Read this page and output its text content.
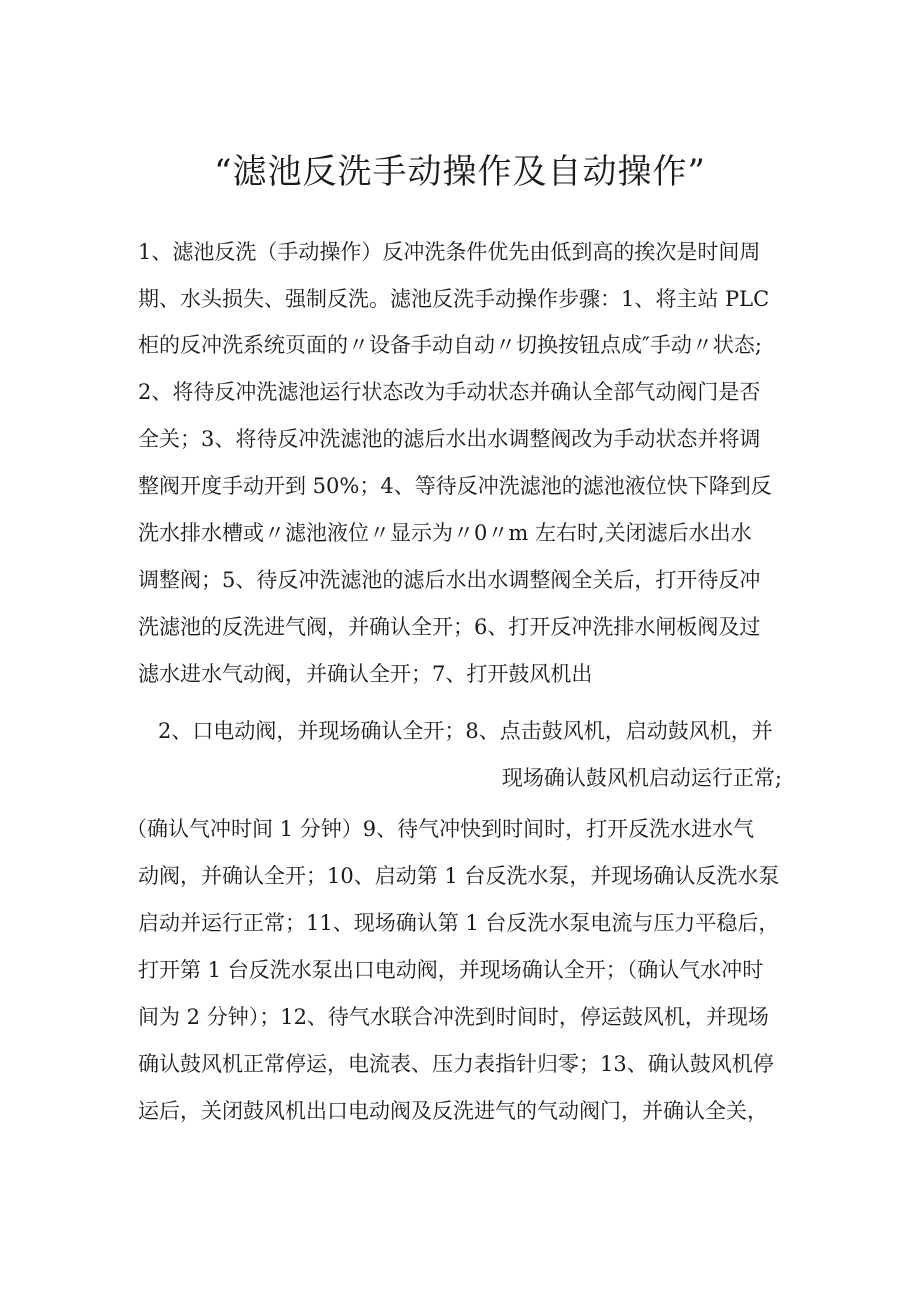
“滤池反洗手动操作及自动操作”

1、滤池反洗（手动操作）反冲洗条件优先由低到高的挨次是时间周

期、水头损失、强制反洗。滤池反洗手动操作步骤：1、将主站 PLC

柜的反冲洗系统页面的〃设备手动自动〃切换按钮点成″手动〃状态;

2、将待反冲洗滤池运行状态改为手动状态并确认全部气动阀门是否

全关；3、将待反冲洗滤池的滤后水出水调整阀改为手动状态并将调

整阀开度手动开到 50%；4、等待反冲洗滤池的滤池液位快下降到反

洗水排水槽或〃滤池液位〃显示为〃0〃m 左右时,关闭滤后水出水

调整阀；5、待反冲洗滤池的滤后水出水调整阀全关后，打开待反冲

洗滤池的反洗进气阀，并确认全开；6、打开反冲洗排水闸板阀及过

滤水进水气动阀，并确认全开；7、打开鼓风机出

2、口电动阀，并现场确认全开；8、点击鼓风机，启动鼓风机，并

现场确认鼓风机启动运行正常;

（确认气冲时间 1 分钟）9、待气冲快到时间时，打开反洗水进水气

动阀，并确认全开；10、启动第 1 台反洗水泵，并现场确认反洗水泵

启动并运行正常；11、现场确认第 1 台反洗水泵电流与压力平稳后，

打开第 1 台反洗水泵出口电动阀，并现场确认全开；（确认气水冲时

间为 2 分钟）；12、待气水联合冲洗到时间时，停运鼓风机，并现场

确认鼓风机正常停运，电流表、压力表指针归零；13、确认鼓风机停

运后，关闭鼓风机出口电动阀及反洗进气的气动阀门，并确认全关，
